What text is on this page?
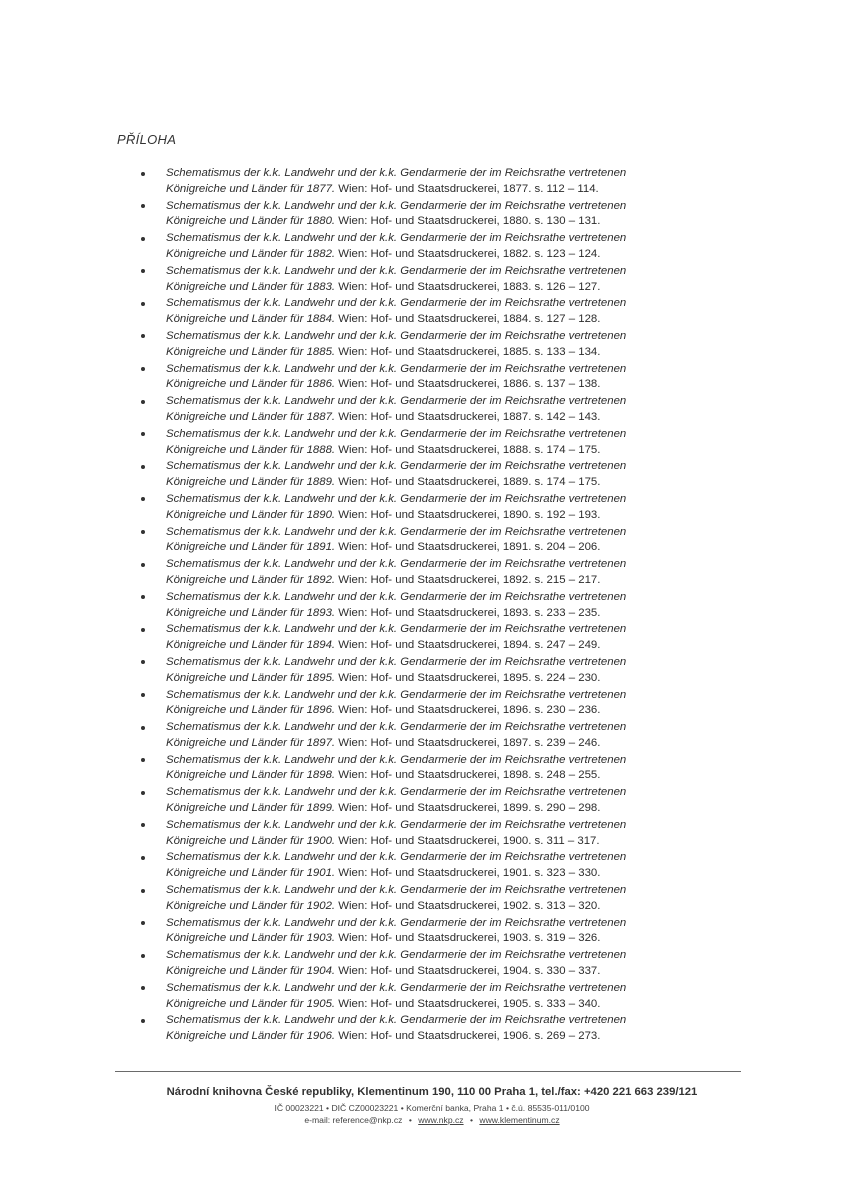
PŘÍLOHA
Schematismus der k.k. Landwehr und der k.k. Gendarmerie der im Reichsrathe vertretenen
Königreiche und Länder für 1877. Wien: Hof- und Staatsdruckerei, 1877. s. 112 – 114.
Schematismus der k.k. Landwehr und der k.k. Gendarmerie der im Reichsrathe vertretenen
Königreiche und Länder für 1880. Wien: Hof- und Staatsdruckerei, 1880. s. 130 – 131.
Schematismus der k.k. Landwehr und der k.k. Gendarmerie der im Reichsrathe vertretenen
Königreiche und Länder für 1882. Wien: Hof- und Staatsdruckerei, 1882. s. 123 – 124.
Schematismus der k.k. Landwehr und der k.k. Gendarmerie der im Reichsrathe vertretenen
Königreiche und Länder für 1883. Wien: Hof- und Staatsdruckerei, 1883. s. 126 – 127.
Schematismus der k.k. Landwehr und der k.k. Gendarmerie der im Reichsrathe vertretenen
Königreiche und Länder für 1884. Wien: Hof- und Staatsdruckerei, 1884. s. 127 – 128.
Schematismus der k.k. Landwehr und der k.k. Gendarmerie der im Reichsrathe vertretenen
Königreiche und Länder für 1885. Wien: Hof- und Staatsdruckerei, 1885. s. 133 – 134.
Schematismus der k.k. Landwehr und der k.k. Gendarmerie der im Reichsrathe vertretenen
Königreiche und Länder für 1886. Wien: Hof- und Staatsdruckerei, 1886. s. 137 – 138.
Schematismus der k.k. Landwehr und der k.k. Gendarmerie der im Reichsrathe vertretenen
Königreiche und Länder für 1887. Wien: Hof- und Staatsdruckerei, 1887. s. 142 – 143.
Schematismus der k.k. Landwehr und der k.k. Gendarmerie der im Reichsrathe vertretenen
Königreiche und Länder für 1888. Wien: Hof- und Staatsdruckerei, 1888. s. 174 – 175.
Schematismus der k.k. Landwehr und der k.k. Gendarmerie der im Reichsrathe vertretenen
Königreiche und Länder für 1889. Wien: Hof- und Staatsdruckerei, 1889. s. 174 – 175.
Schematismus der k.k. Landwehr und der k.k. Gendarmerie der im Reichsrathe vertretenen
Königreiche und Länder für 1890. Wien: Hof- und Staatsdruckerei, 1890. s. 192 – 193.
Schematismus der k.k. Landwehr und der k.k. Gendarmerie der im Reichsrathe vertretenen
Königreiche und Länder für 1891. Wien: Hof- und Staatsdruckerei, 1891. s. 204 – 206.
Schematismus der k.k. Landwehr und der k.k. Gendarmerie der im Reichsrathe vertretenen
Königreiche und Länder für 1892. Wien: Hof- und Staatsdruckerei, 1892. s. 215 – 217.
Schematismus der k.k. Landwehr und der k.k. Gendarmerie der im Reichsrathe vertretenen
Königreiche und Länder für 1893. Wien: Hof- und Staatsdruckerei, 1893. s. 233 – 235.
Schematismus der k.k. Landwehr und der k.k. Gendarmerie der im Reichsrathe vertretenen
Königreiche und Länder für 1894. Wien: Hof- und Staatsdruckerei, 1894. s. 247 – 249.
Schematismus der k.k. Landwehr und der k.k. Gendarmerie der im Reichsrathe vertretenen
Königreiche und Länder für 1895. Wien: Hof- und Staatsdruckerei, 1895. s. 224 – 230.
Schematismus der k.k. Landwehr und der k.k. Gendarmerie der im Reichsrathe vertretenen
Königreiche und Länder für 1896. Wien: Hof- und Staatsdruckerei, 1896. s. 230 – 236.
Schematismus der k.k. Landwehr und der k.k. Gendarmerie der im Reichsrathe vertretenen
Königreiche und Länder für 1897. Wien: Hof- und Staatsdruckerei, 1897. s. 239 – 246.
Schematismus der k.k. Landwehr und der k.k. Gendarmerie der im Reichsrathe vertretenen
Königreiche und Länder für 1898. Wien: Hof- und Staatsdruckerei, 1898. s. 248 – 255.
Schematismus der k.k. Landwehr und der k.k. Gendarmerie der im Reichsrathe vertretenen
Königreiche und Länder für 1899. Wien: Hof- und Staatsdruckerei, 1899. s. 290 – 298.
Schematismus der k.k. Landwehr und der k.k. Gendarmerie der im Reichsrathe vertretenen
Königreiche und Länder für 1900. Wien: Hof- und Staatsdruckerei, 1900. s. 311 – 317.
Schematismus der k.k. Landwehr und der k.k. Gendarmerie der im Reichsrathe vertretenen
Königreiche und Länder für 1901. Wien: Hof- und Staatsdruckerei, 1901. s. 323 – 330.
Schematismus der k.k. Landwehr und der k.k. Gendarmerie der im Reichsrathe vertretenen
Königreiche und Länder für 1902. Wien: Hof- und Staatsdruckerei, 1902. s. 313 – 320.
Schematismus der k.k. Landwehr und der k.k. Gendarmerie der im Reichsrathe vertretenen
Königreiche und Länder für 1903. Wien: Hof- und Staatsdruckerei, 1903. s. 319 – 326.
Schematismus der k.k. Landwehr und der k.k. Gendarmerie der im Reichsrathe vertretenen
Königreiche und Länder für 1904. Wien: Hof- und Staatsdruckerei, 1904. s. 330 – 337.
Schematismus der k.k. Landwehr und der k.k. Gendarmerie der im Reichsrathe vertretenen
Königreiche und Länder für 1905. Wien: Hof- und Staatsdruckerei, 1905. s. 333 – 340.
Schematismus der k.k. Landwehr und der k.k. Gendarmerie der im Reichsrathe vertretenen
Königreiche und Länder für 1906. Wien: Hof- und Staatsdruckerei, 1906. s. 269 – 273.
Národní knihovna České republiky, Klementinum 190, 110 00 Praha 1, tel./fax: +420 221 663 239/121
IČ 00023221 • DIČ CZ00023221 • Komerční banka, Praha 1 • č.ú. 85535-011/0100
e-mail: reference@nkp.cz • www.nkp.cz • www.klementinum.cz
